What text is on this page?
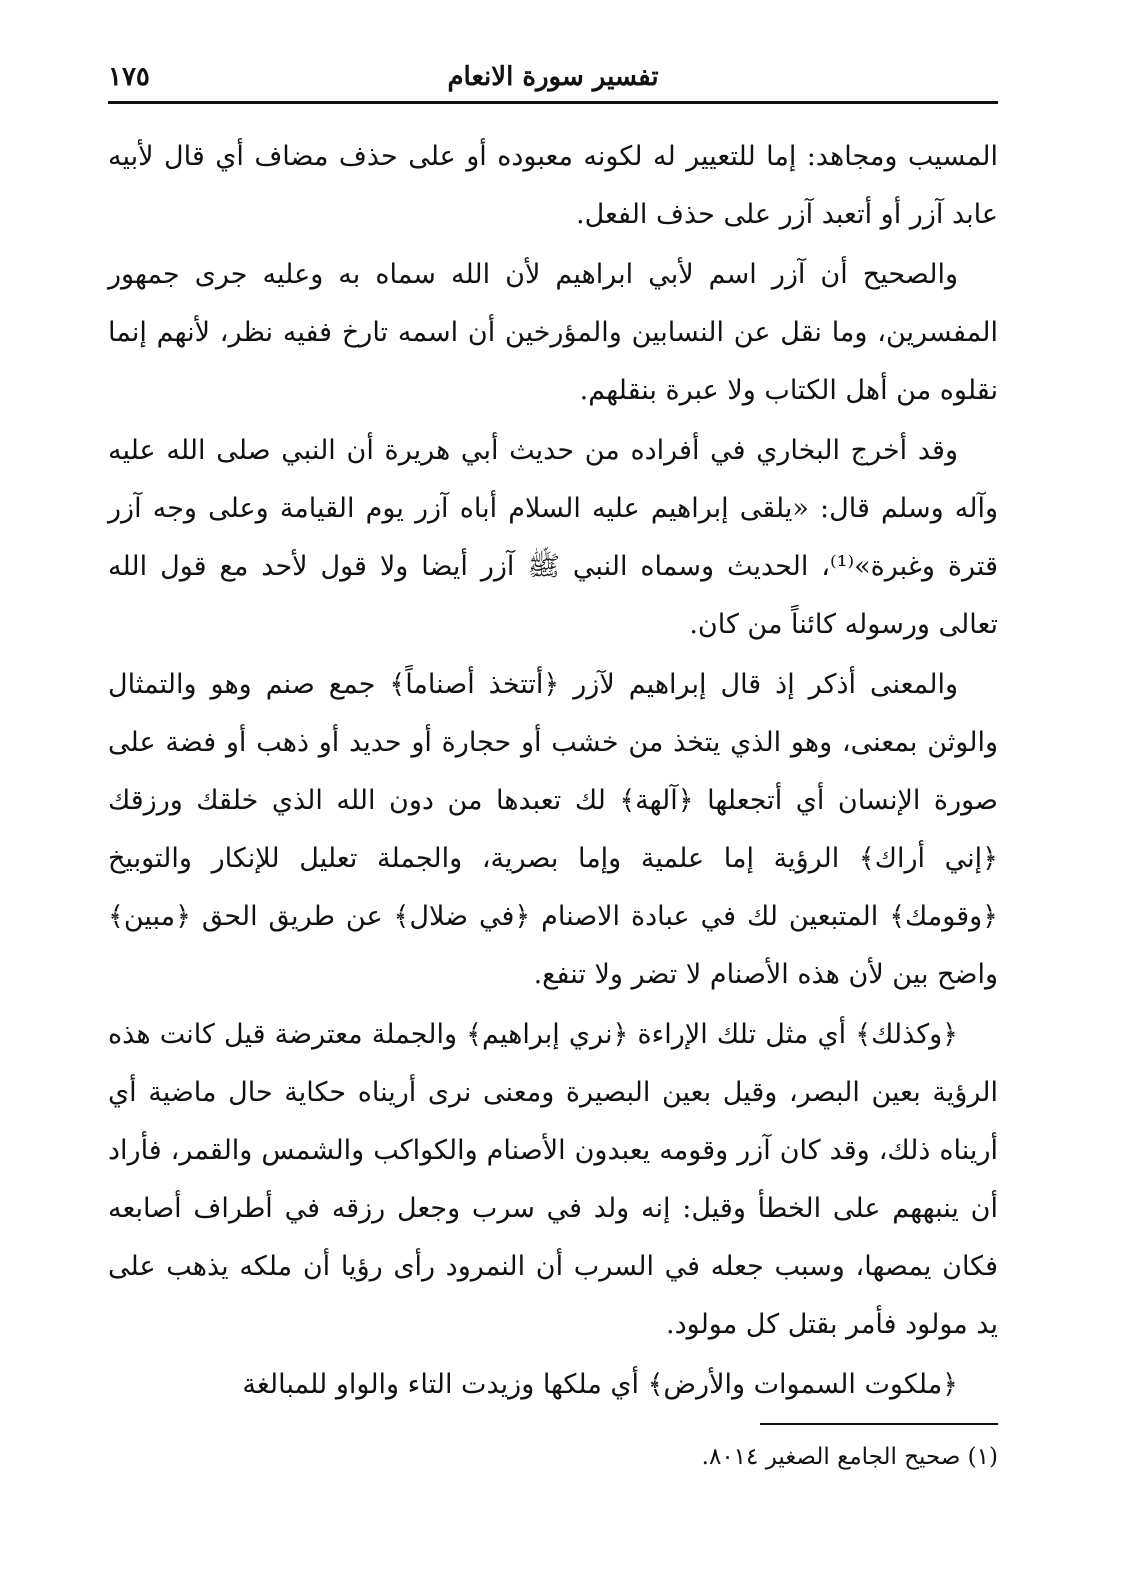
تفسير سورة الانعام
١٧٥

المسيب ومجاهد: إما للتعيير له لكونه معبوده أو على حذف مضاف أي قال لأبيه عابد آزر أو أتعبد آزر على حذف الفعل.

والصحيح أن آزر اسم لأبي ابراهيم لأن الله سماه به وعليه جرى جمهور المفسرين، وما نقل عن النسابين والمؤرخين أن اسمه تارخ ففيه نظر، لأنهم إنما نقلوه من أهل الكتاب ولا عبرة بنقلهم.

وقد أخرج البخاري في أفراده من حديث أبي هريرة أن النبي صلى الله عليه وآله وسلم قال: «يلقى إبراهيم عليه السلام أباه آزر يوم القيامة وعلى وجه آزر قترة وغبرة»⁽¹⁾، الحديث وسماه النبي ﷺ آزر أيضا ولا قول لأحد مع قول الله تعالى ورسوله كائناً من كان.

والمعنى أذكر إذ قال إبراهيم لآزر ﴿أتتخذ أصناماً﴾ جمع صنم وهو والتمثال والوثن بمعنى، وهو الذي يتخذ من خشب أو حجارة أو حديد أو ذهب أو فضة على صورة الإنسان أي أتجعلها ﴿آلهة﴾ لك تعبدها من دون الله الذي خلقك ورزقك ﴿إني أراك﴾ الرؤية إما علمية وإما بصرية، والجملة تعليل للإنكار والتوبيخ ﴿وقومك﴾ المتبعين لك في عبادة الاصنام ﴿في ضلال﴾ عن طريق الحق ﴿مبين﴾ واضح بين لأن هذه الأصنام لا تضر ولا تنفع.

﴿وكذلك﴾ أي مثل تلك الإراءة ﴿نري إبراهيم﴾ والجملة معترضة قيل كانت هذه الرؤية بعين البصر، وقيل بعين البصيرة ومعنى نرى أريناه حكاية حال ماضية أي أريناه ذلك، وقد كان آزر وقومه يعبدون الأصنام والكواكب والشمس والقمر، فأراد أن ينبههم على الخطأ وقيل: إنه ولد في سرب وجعل رزقه في أطراف أصابعه فكان يمصها، وسبب جعله في السرب أن النمرود رأى رؤيا أن ملكه يذهب على يد مولود فأمر بقتل كل مولود.

﴿ملكوت السموات والأرض﴾ أي ملكها وزيدت التاء والواو للمبالغة

(١) صحيح الجامع الصغير ٨٠١٤.
